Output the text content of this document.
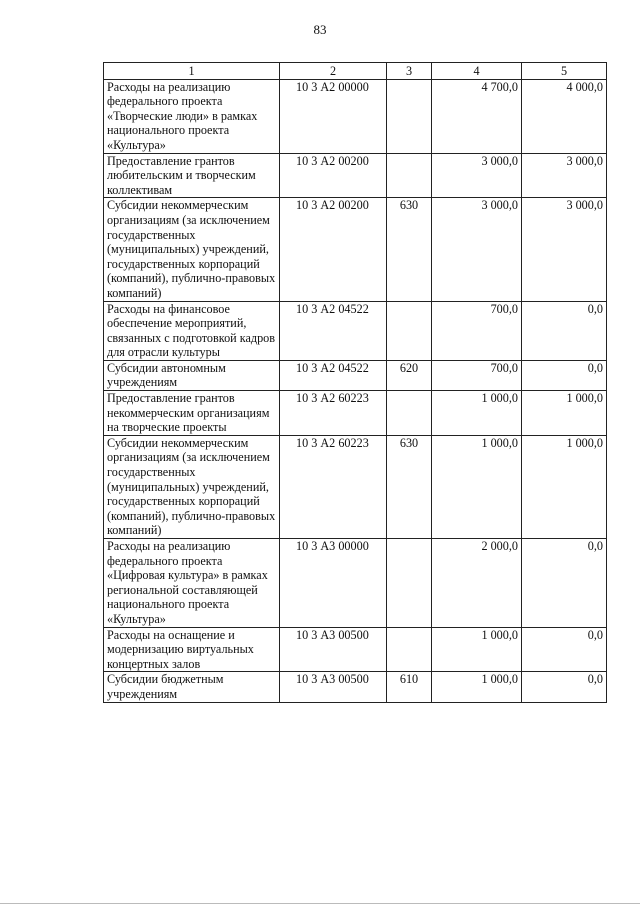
83
1	2	3	4	5
Расходы на реализацию федерального проекта «Творческие люди» в рамках национального проекта «Культура»	10 3 А2 00000		4 700,0	4 000,0
Предоставление грантов любительским и творческим коллективам	10 3 А2 00200		3 000,0	3 000,0
Субсидии некоммерческим организациям (за исключением государственных (муниципальных) учреждений, государственных корпораций (компаний), публично-правовых компаний)	10 3 А2 00200	630	3 000,0	3 000,0
Расходы на финансовое обеспечение мероприятий, связанных с подготовкой кадров для отрасли культуры	10 3 А2 04522		700,0	0,0
Субсидии автономным учреждениям	10 3 А2 04522	620	700,0	0,0
Предоставление грантов некоммерческим организациям на творческие проекты	10 3 А2 60223		1 000,0	1 000,0
Субсидии некоммерческим организациям (за исключением государственных (муниципальных) учреждений, государственных корпораций (компаний), публично-правовых компаний)	10 3 А2 60223	630	1 000,0	1 000,0
Расходы на реализацию федерального проекта «Цифровая культура» в рамках региональной составляющей национального проекта «Культура»	10 3 А3 00000		2 000,0	0,0
Расходы на оснащение и модернизацию виртуальных концертных залов	10 3 А3 00500		1 000,0	0,0
Субсидии бюджетным учреждениям	10 3 А3 00500	610	1 000,0	0,0
